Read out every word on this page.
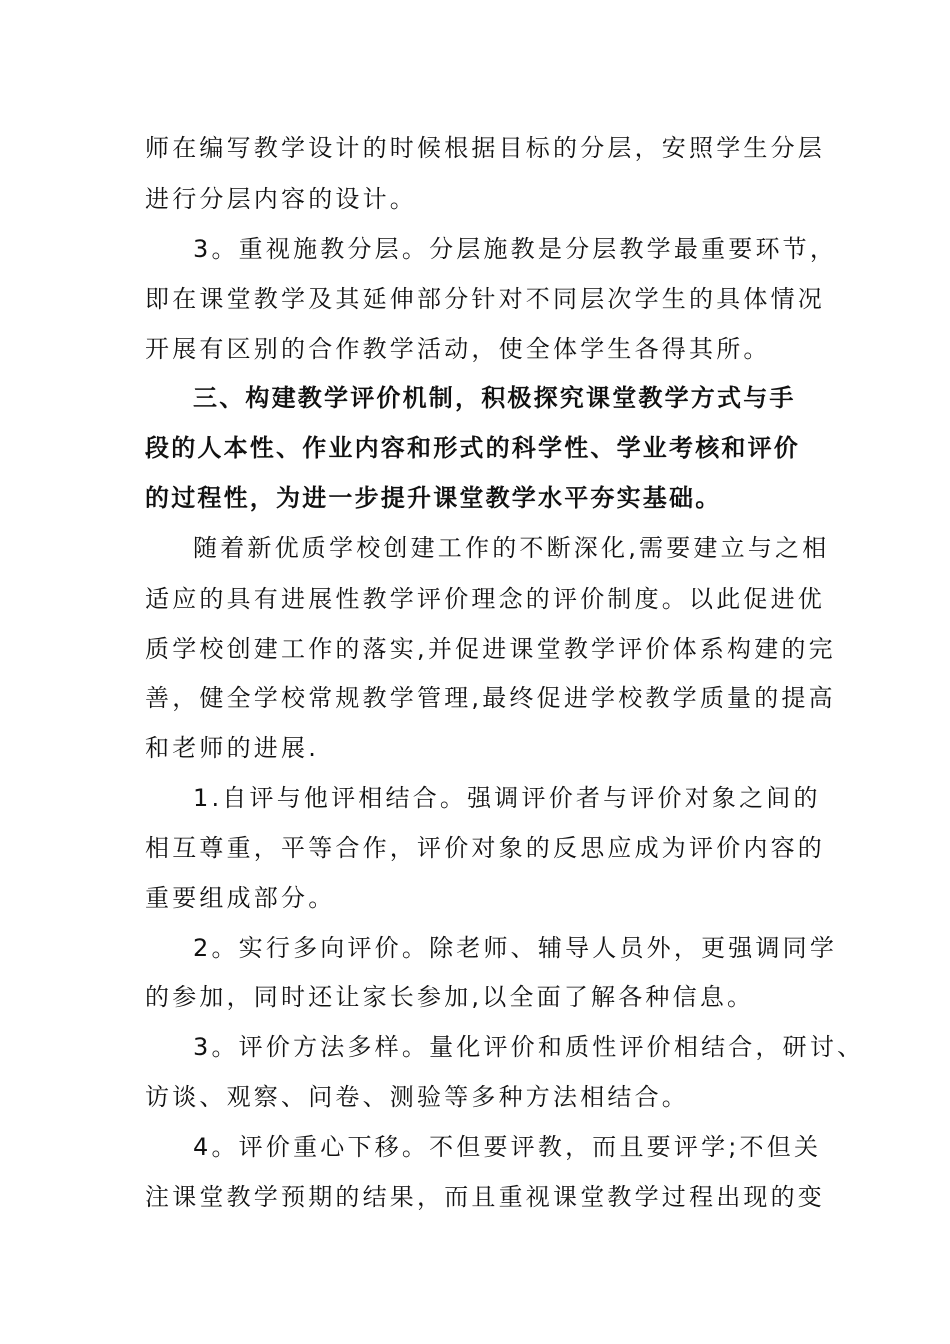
师在编写教学设计的时候根据目标的分层，安照学生分层
进行分层内容的设计。
3。重视施教分层。分层施教是分层教学最重要环节，
即在课堂教学及其延伸部分针对不同层次学生的具体情况
开展有区别的合作教学活动，使全体学生各得其所。
三、构建教学评价机制，积极探究课堂教学方式与手
段的人本性、作业内容和形式的科学性、学业考核和评价
的过程性，为进一步提升课堂教学水平夯实基础。
随着新优质学校创建工作的不断深化,需要建立与之相
适应的具有进展性教学评价理念的评价制度。以此促进优
质学校创建工作的落实,并促进课堂教学评价体系构建的完
善，健全学校常规教学管理,最终促进学校教学质量的提高
和老师的进展.
1.自评与他评相结合。强调评价者与评价对象之间的
相互尊重，平等合作，评价对象的反思应成为评价内容的
重要组成部分。
2。实行多向评价。除老师、辅导人员外，更强调同学
的参加，同时还让家长参加,以全面了解各种信息。
3。评价方法多样。量化评价和质性评价相结合，研讨、
访谈、观察、问卷、测验等多种方法相结合。
4。评价重心下移。不但要评教，而且要评学;不但关
注课堂教学预期的结果，而且重视课堂教学过程出现的变
